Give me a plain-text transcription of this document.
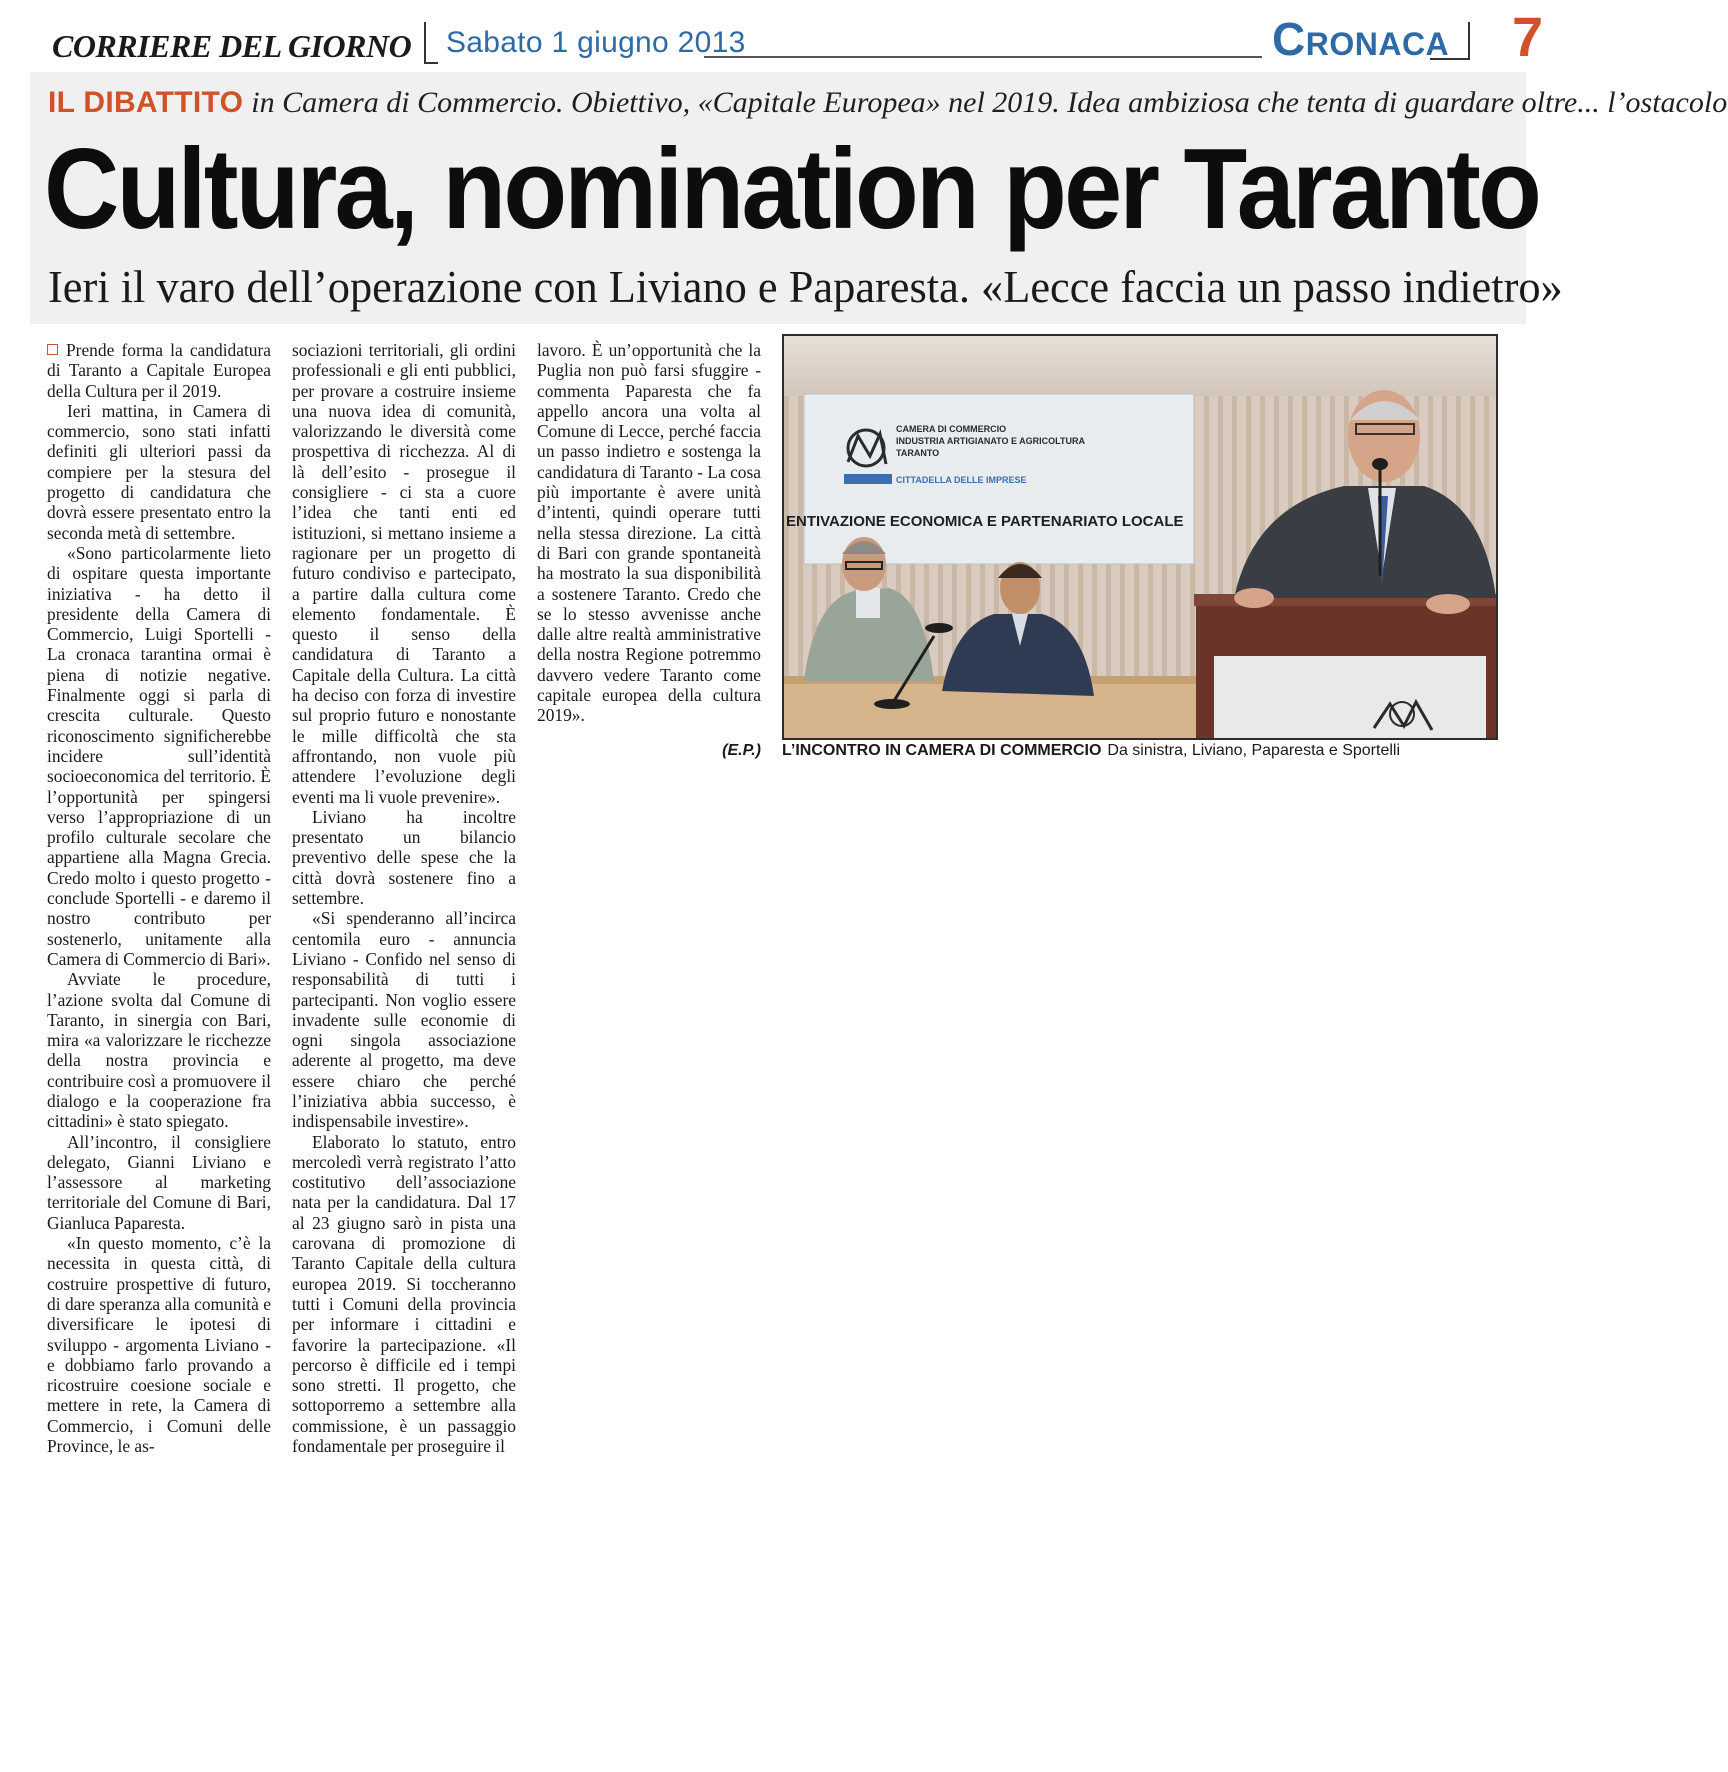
CORRIERE DEL GIORNO Sabato 1 giugno 2013	Cronaca 7
IL DIBATTITO in Camera di Commercio. Obiettivo, «Capitale Europea» nel 2019. Idea ambiziosa che tenta di guardare oltre... l’ostacolo
Cultura, nomination per Taranto
Ieri il varo dell’operazione con Liviano e Paparesta. «Lecce faccia un passo indietro»

Prende forma la candidatura di Taranto a Capitale Europea della Cultura per il 2019.

Ieri mattina, in Camera di commercio, sono stati infatti definiti gli ulteriori passi da compiere per la stesura del progetto di candidatura che dovrà essere presentato entro la seconda metà di settembre.

«Sono particolarmente lieto di ospitare questa importante iniziativa - ha detto il presidente della Camera di Commercio, Luigi Sportelli - La cronaca tarantina ormai è piena di notizie negative. Finalmente oggi si parla di crescita culturale. Questo riconoscimento significherebbe incidere sull’identità socioeconomica del territorio. È l’opportunità per spingersi verso l’appropriazione di un profilo culturale secolare che appartiene alla Magna Grecia. Credo molto i questo progetto - conclude Sportelli - e daremo il nostro contributo per sostenerlo, unitamente alla Camera di Commercio di Bari».

Avviate le procedure, l’azione svolta dal Comune di Taranto, in sinergia con Bari, mira «a valorizzare le ricchezze della nostra provincia e contribuire così a promuovere il dialogo e la cooperazione fra cittadini» è stato spiegato.

All’incontro, il consigliere delegato, Gianni Liviano e l’assessore al marketing territoriale del Comune di Bari, Gianluca Paparesta.

«In questo momento, c’è la necessita in questa città, di costruire prospettive di futuro, di dare speranza alla comunità e diversificare le ipotesi di sviluppo - argomenta Liviano - e dobbiamo farlo provando a ricostruire coesione sociale e mettere in rete, la Camera di Commercio, i Comuni delle Province, le as-

sociazioni territoriali, gli ordini professionali e gli enti pubblici, per provare a costruire insieme una nuova idea di comunità, valorizzando le diversità come prospettiva di ricchezza. Al di là dell’esito - prosegue il consigliere - ci sta a cuore l’idea che tanti enti ed istituzioni, si mettano insieme a ragionare per un progetto di futuro condiviso e partecipato, a partire dalla cultura come elemento fondamentale. È questo il senso della candidatura di Taranto a Capitale della Cultura. La città ha deciso con forza di investire sul proprio futuro e nonostante le mille difficoltà che sta affrontando, non vuole più attendere l’evoluzione degli eventi ma li vuole prevenire».

Liviano ha incoltre presentato un bilancio preventivo delle spese che la città dovrà sostenere fino a settembre.

«Si spenderanno all’incirca centomila euro - annuncia Liviano - Confido nel senso di responsabilità di tutti i partecipanti. Non voglio essere invadente sulle economie di ogni singola associazione aderente al progetto, ma deve essere chiaro che perché l’iniziativa abbia successo, è indispensabile investire».

Elaborato lo statuto, entro mercoledì verrà registrato l’atto costitutivo dell’associazione nata per la candidatura. Dal 17 al 23 giugno sarò in pista una carovana di promozione di Taranto Capitale della cultura europea 2019. Si toccheranno tutti i Comuni della provincia per informare i cittadini e favorire la partecipazione. «Il percorso è difficile ed i tempi sono stretti. Il progetto, che sottoporremo a settembre alla commissione, è un passaggio fondamentale per proseguire il

lavoro. È un’opportunità che la Puglia non può farsi sfuggire - commenta Paparesta che fa appello ancora una volta al Comune di Lecce, perché faccia un passo indietro e sostenga la candidatura di Taranto - La cosa più importante è avere unità d’intenti, quindi operare tutti nella stessa direzione. La città di Bari con grande spontaneità ha mostrato la sua disponibilità a sostenere Taranto. Credo che se lo stesso avvenisse anche dalle altre realtà amministrative della nostra Regione potremmo davvero vedere Taranto come capitale europea della cultura 2019».

(E.P.)
CAMERA DI COMMERCIO
INDUSTRIA ARTIGIANATO E AGRICOLTURA
TARANTO
CITTADELLA DELLE IMPRESE
ENTIVAZIONE ECONOMICA E PARTENARIATO LOCALE
L’INCONTRO IN CAMERA DI COMMERCIO Da sinistra, Liviano, Paparesta e Sportelli
